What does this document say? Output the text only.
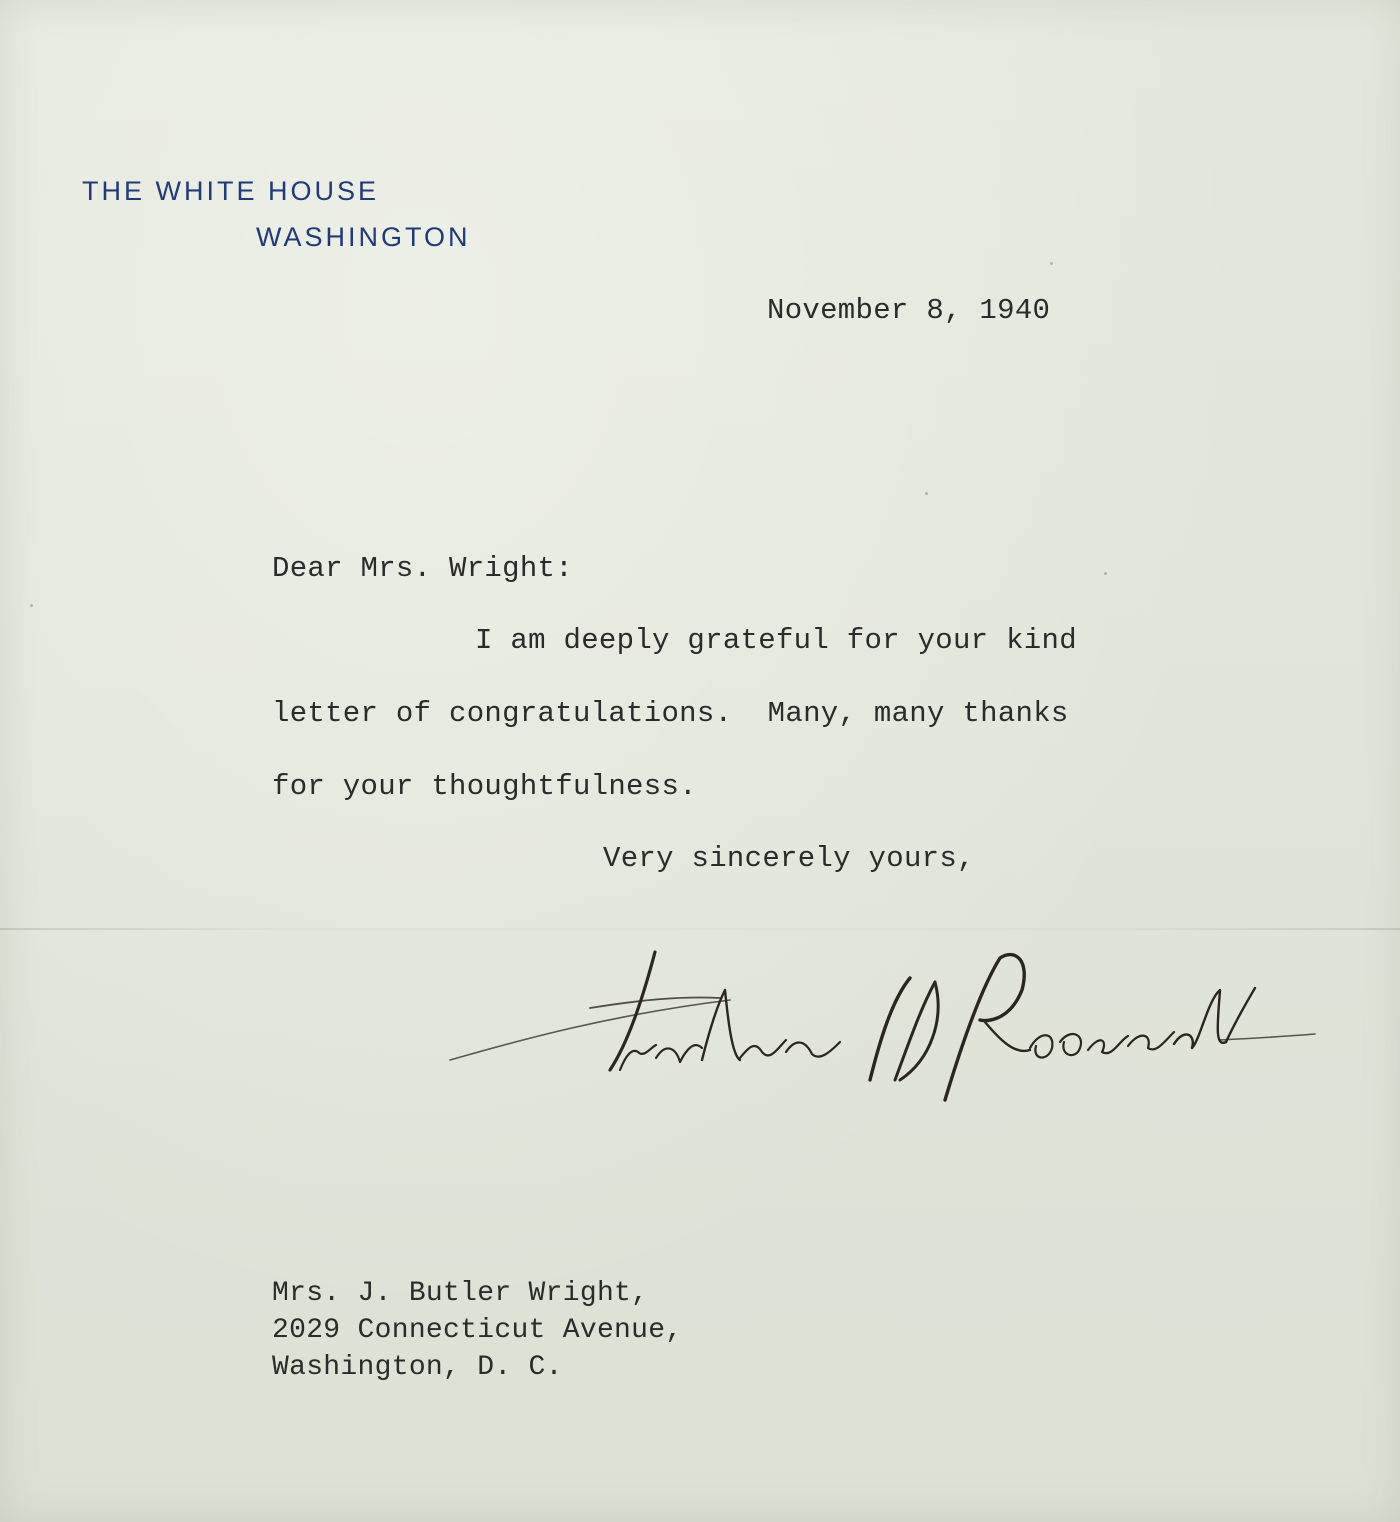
THE WHITE HOUSE
WASHINGTON
November 8, 1940
Dear Mrs. Wright:
I am deeply grateful for your kind
letter of congratulations.  Many, many thanks
for your thoughtfulness.
Very sincerely yours,
Mrs. J. Butler Wright,
2029 Connecticut Avenue,
Washington, D. C.
